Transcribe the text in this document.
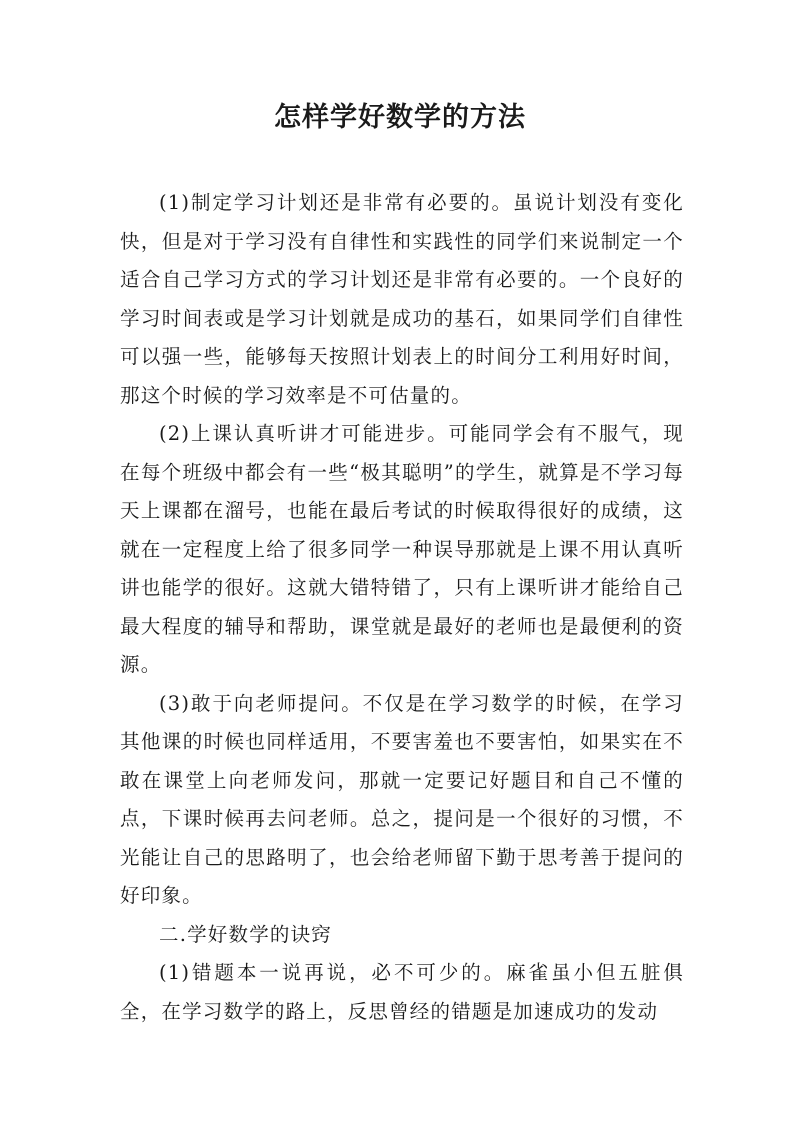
怎样学好数学的方法

(1)制定学习计划还是非常有必要的。虽说计划没有变化快，但是对于学习没有自律性和实践性的同学们来说制定一个适合自己学习方式的学习计划还是非常有必要的。一个良好的学习时间表或是学习计划就是成功的基石，如果同学们自律性可以强一些，能够每天按照计划表上的时间分工利用好时间，那这个时候的学习效率是不可估量的。

(2)上课认真听讲才可能进步。可能同学会有不服气，现在每个班级中都会有一些“极其聪明”的学生，就算是不学习每天上课都在溜号，也能在最后考试的时候取得很好的成绩，这就在一定程度上给了很多同学一种误导那就是上课不用认真听讲也能学的很好。这就大错特错了，只有上课听讲才能给自己最大程度的辅导和帮助，课堂就是最好的老师也是最便利的资源。

(3)敢于向老师提问。不仅是在学习数学的时候，在学习其他课的时候也同样适用，不要害羞也不要害怕，如果实在不敢在课堂上向老师发问，那就一定要记好题目和自己不懂的点，下课时候再去问老师。总之，提问是一个很好的习惯，不光能让自己的思路明了，也会给老师留下勤于思考善于提问的好印象。

二.学好数学的诀窍

(1)错题本一说再说，必不可少的。麻雀虽小但五脏俱全，在学习数学的路上，反思曾经的错题是加速成功的发动
